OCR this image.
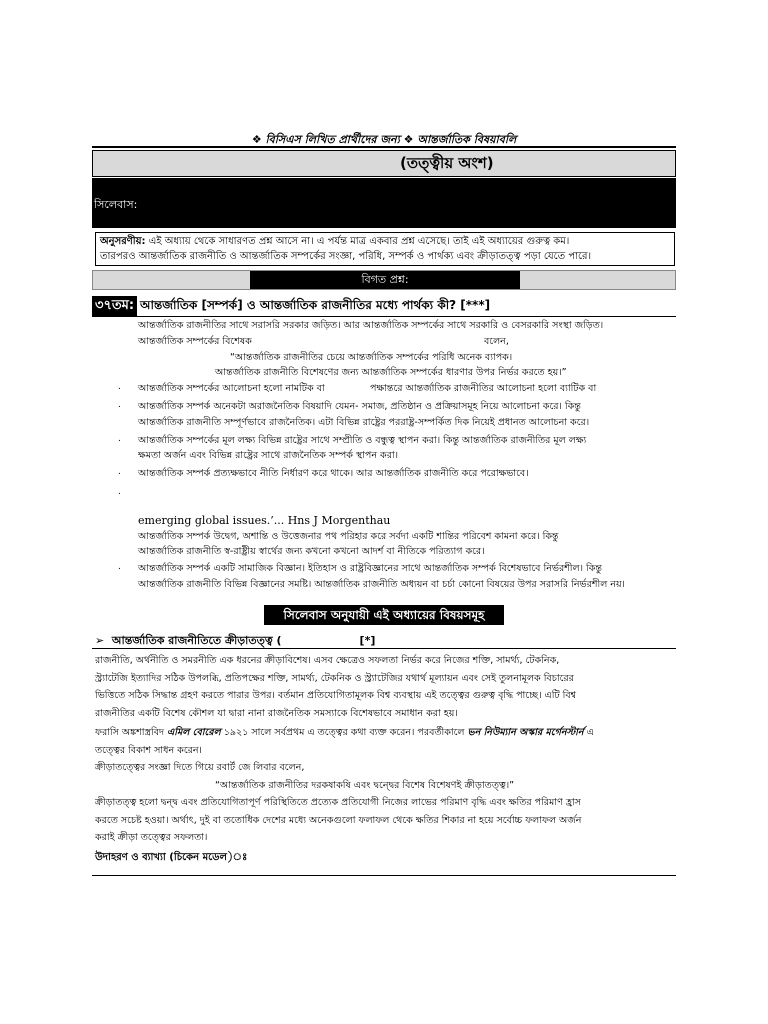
❖ বিসিএস লিখিত প্রার্থীদের জন্য ❖ আন্তর্জাতিক বিষয়াবলি
(তত্ত্বীয় অংশ)
সিলেবাস:
অনুসরণীয়: এই অধ্যায় থেকে সাধারণত প্রশ্ন আসে না। এ পর্যন্ত মাত্র একবার প্রশ্ন এসেছে। তাই এই অধ্যায়ের গুরুত্ব কম।
তারপরও আন্তর্জাতিক রাজনীতি ও আন্তর্জাতিক সম্পর্কের সংজ্ঞা, পরিধি, সম্পর্ক ও পার্থক্য এবং ক্রীড়াতত্ত্ব পড়া যেতে পারে।
বিগত প্রশ্ন:
৩৭তম: আন্তর্জাতিক [সম্পর্ক] ও আন্তর্জাতিক রাজনীতির মধ্যে পার্থক্য কী? [***]
আন্তর্জাতিক রাজনীতির সাথে সরাসরি সরকার জড়িত। আর আন্তর্জাতিক সম্পর্কের সাথে সরকারি ও বেসরকারি সংস্থা জড়িত।
আন্তর্জাতিক সম্পর্কের বিশেষক	বলেন,
“আন্তর্জাতিক রাজনীতির চেয়ে আন্তর্জাতিক সম্পর্কের পরিধি অনেক ব্যাপক।
আন্তর্জাতিক রাজনীতি বিশেষণের জন্য আন্তর্জাতিক সম্পর্কের ধারণার উপর নির্ভর করতে হয়।”
. আন্তর্জাতিক সম্পর্কের আলোচনা হলো নামটিক বা	পক্ষান্তরে আন্তর্জাতিক রাজনীতির আলোচনা হলো ব্যাটিক বা
. আন্তর্জাতিক সম্পর্ক অনেকটা অরাজনৈতিক বিষয়াদি যেমন- সমাজ, প্রতিষ্ঠান ও প্রক্রিয়াসমূহ নিয়ে আলোচনা করে। কিন্তু
আন্তর্জাতিক রাজনীতি সম্পূর্ণভাবে রাজনৈতিক। এটা বিভিন্ন রাষ্ট্রের পররাষ্ট্র-সম্পর্কিত দিক নিয়েই প্রধানত আলোচনা করে।
. আন্তর্জাতিক সম্পর্কের মূল লক্ষ্য বিভিন্ন রাষ্ট্রের সাথে সম্প্রীতি ও বন্ধুত্ব স্থাপন করা। কিন্তু আন্তর্জাতিক রাজনীতির মূল লক্ষ্য
ক্ষমতা অর্জন এবং বিভিন্ন রাষ্ট্রের সাথে রাজনৈতিক সম্পর্ক স্থাপন করা।
. আন্তর্জাতিক সম্পর্ক প্রত্যক্ষভাবে নীতি নির্ধারণ করে থাকে। আর আন্তর্জাতিক রাজনীতি করে পরোক্ষভাবে।
.
emerging global issues.’... Hns J Morgenthau
আন্তর্জাতিক সম্পর্ক উদ্বেগ, অশান্তি ও উত্তেজনার পথ পরিহার করে সর্বদা একটি শান্তির পরিবেশ কামনা করে। কিন্তু
আন্তর্জাতিক রাজনীতি স্ব-রাষ্ট্রীয় স্বার্থের জন্য কখনো কখনো আদর্শ বা নীতিকে পরিত্যাগ করে।
. আন্তর্জাতিক সম্পর্ক একটি সামাজিক বিজ্ঞান। ইতিহাস ও রাষ্ট্রবিজ্ঞানের সাথে আন্তর্জাতিক সম্পর্ক বিশেষভাবে নির্ভরশীল। কিন্তু
আন্তর্জাতিক রাজনীতি বিভিন্ন বিজ্ঞানের সমষ্টি। আন্তর্জাতিক রাজনীতি অধ্যয়ন বা চর্চা কোনো বিষয়ের উপর সরাসরি নির্ভরশীল নয়।
সিলেবাস অনুযায়ী এই অধ্যায়ের বিষয়সমূহ
➢ আন্তর্জাতিক রাজনীতিতে ক্রীড়াতত্ত্ব (	[*]
রাজনীতি, অর্থনীতি ও সমরনীতি এক ধরনের ক্রীড়াবিশেষ। এসব ক্ষেত্রেও সফলতা নির্ভর করে নিজের শক্তি, সামর্থ্য, টেকনিক,
স্ট্র্যাটেজি ইত্যাদির সঠিক উপলব্ধি, প্রতিপক্ষের শক্তি, সামর্থ্য, টেকনিক ও স্ট্র্যাটেজির যথার্থ মূল্যায়ন এবং সেই তুলনামূলক বিচারের
ভিত্তিতে সঠিক সিদ্ধান্ত গ্রহণ করতে পারার উপর। বর্তমান প্রতিযোগিতামূলক বিশ্ব ব্যবস্থায় এই তত্ত্বের গুরুত্ব বৃদ্ধি পাচ্ছে। এটি বিশ্ব
রাজনীতির একটি বিশেষ কৌশল যা দ্বারা নানা রাজনৈতিক সমস্যাকে বিশেষভাবে সমাধান করা হয়।
ফরাসি অঙ্কশাস্ত্রবিদ এমিল বোরেল ১৯২১ সালে সর্বপ্রথম এ তত্ত্বের কথা ব্যক্ত করেন। পরবর্তীকালে ভন নিউম্যান অস্কার মর্গেনস্টার্ন এ
তত্ত্বের বিকাশ সাধন করেন।
ক্রীড়াতত্ত্বের সংজ্ঞা দিতে গিয়ে রবার্ট জে লিবার বলেন,
“আন্তর্জাতিক রাজনীতির দরকষাকষি এবং দ্বন্দ্বের বিশেষ বিশেষণই ক্রীড়াতত্ত্ব।”
ক্রীড়াতত্ত্ব হলো দ্বন্দ্ব এবং প্রতিযোগিতাপূর্ণ পরিস্থিতিতে প্রত্যেক প্রতিযোগী নিজের লাভের পরিমাণ বৃদ্ধি এবং ক্ষতির পরিমাণ হ্রাস
করতে সচেষ্ট হওয়া। অর্থাৎ, দুই বা ততোধিক দেশের মধ্যে অনেকগুলো ফলাফল থেকে ক্ষতির শিকার না হয়ে সর্বোচ্চ ফলাফল অর্জন
করাই ক্রীড়া তত্ত্বের সফলতা।
উদাহরণ ও ব্যাখ্যা (চিকেন মডেল)ঃ
